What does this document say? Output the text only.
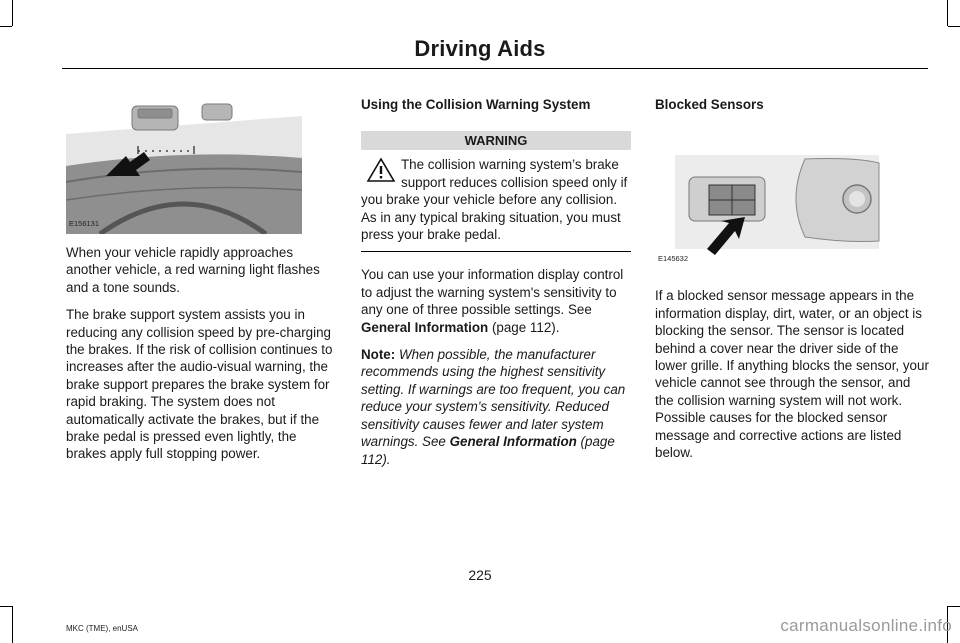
Driving Aids
E156131

When your vehicle rapidly approaches another vehicle, a red warning light flashes and a tone sounds.

The brake support system assists you in reducing any collision speed by pre-charging the brakes. If the risk of collision continues to increases after the audio-visual warning, the brake support prepares the brake system for rapid braking. The system does not automatically activate the brakes, but if the brake pedal is pressed even lightly, the brakes apply full stopping power.

Using the Collision Warning System
WARNING
The collision warning system’s brake support reduces collision speed only if you brake your vehicle before any collision. As in any typical braking situation, you must press your brake pedal.

You can use your information display control to adjust the warning system's sensitivity to any one of three possible settings. See
General Information (page 112).

Note: When possible, the manufacturer recommends using the highest sensitivity setting. If warnings are too frequent, you can reduce your system's sensitivity. Reduced sensitivity causes fewer and later system warnings. See General Information (page 112).

Blocked Sensors
E145632

If a blocked sensor message appears in the information display, dirt, water, or an object is blocking the sensor. The sensor is located behind a cover near the driver side of the lower grille. If anything blocks the sensor, your vehicle cannot see through the sensor, and the collision warning system will not work. Possible causes for the blocked sensor message and corrective actions are listed below.

225
MKC (TME), enUSA	carmanualsonline.info
